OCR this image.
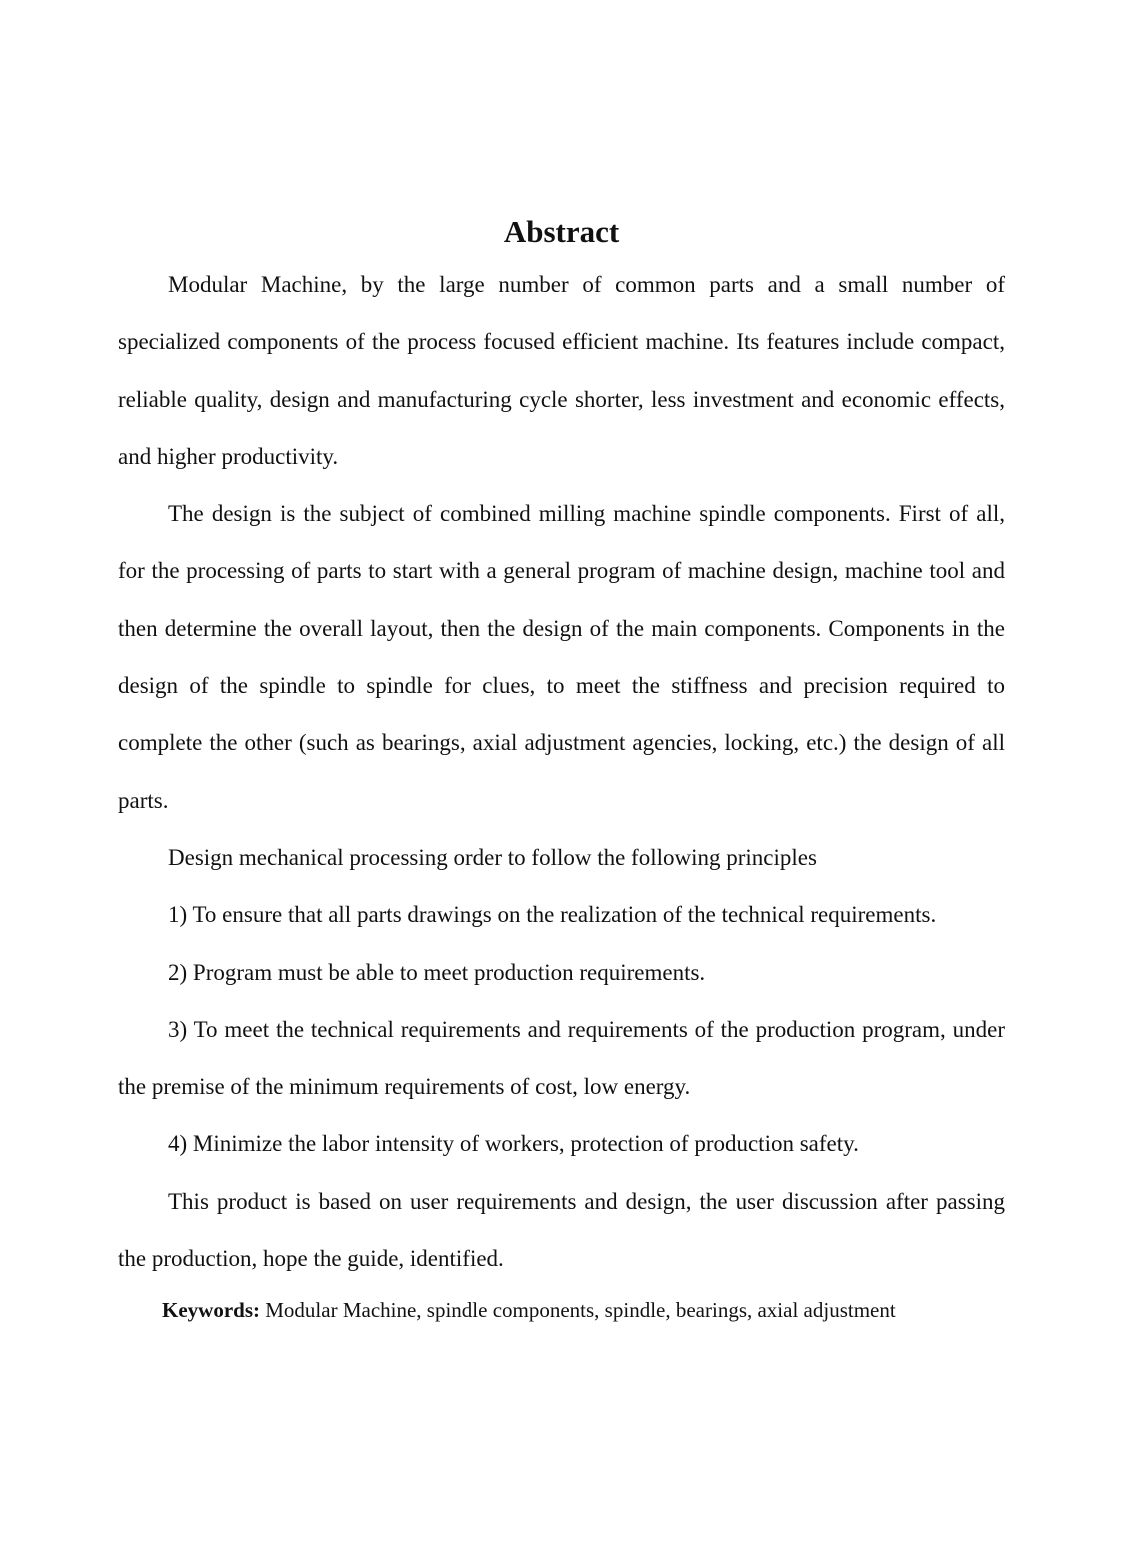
Abstract

Modular Machine, by the large number of common parts and a small number of specialized components of the process focused efficient machine. Its features include compact, reliable quality, design and manufacturing cycle shorter, less investment and economic effects, and higher productivity.

The design is the subject of combined milling machine spindle components. First of all, for the processing of parts to start with a general program of machine design, machine tool and then determine the overall layout, then the design of the main components. Components in the design of the spindle to spindle for clues, to meet the stiffness and precision required to complete the other (such as bearings, axial adjustment agencies, locking, etc.) the design of all parts.

Design mechanical processing order to follow the following principles

1) To ensure that all parts drawings on the realization of the technical requirements.

2) Program must be able to meet production requirements.

3) To meet the technical requirements and requirements of the production program, under the premise of the minimum requirements of cost, low energy.

4) Minimize the labor intensity of workers, protection of production safety.

This product is based on user requirements and design, the user discussion after passing the production, hope the guide, identified.

Keywords: Modular Machine, spindle components, spindle, bearings, axial adjustment
